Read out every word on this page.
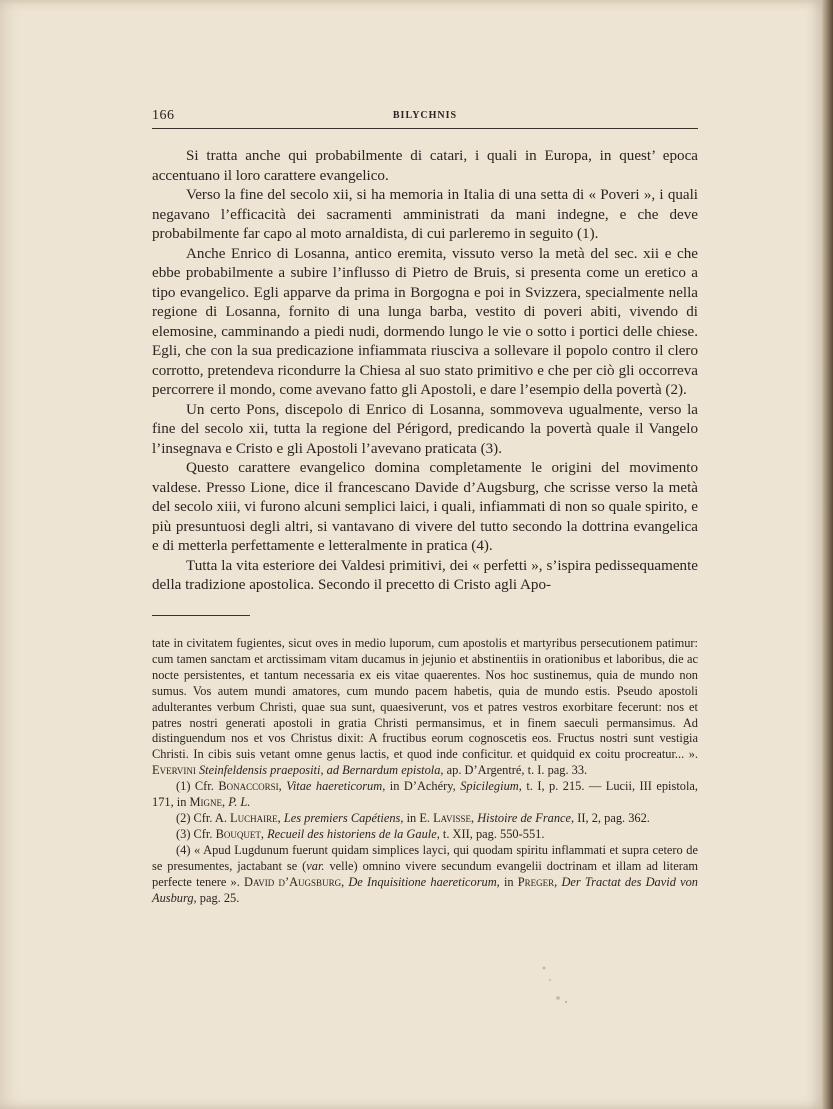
166	BILYCHNIS

Si tratta anche qui probabilmente di catari, i quali in Europa, in quest’ epoca accentuano il loro carattere evangelico.

Verso la fine del secolo xii, si ha memoria in Italia di una setta di « Poveri », i quali negavano l’efficacità dei sacramenti amministrati da mani indegne, e che deve probabilmente far capo al moto arnaldista, di cui parleremo in seguito (1).

Anche Enrico di Losanna, antico eremita, vissuto verso la metà del sec. xii e che ebbe probabilmente a subire l’influsso di Pietro de Bruis, si presenta come un eretico a tipo evangelico. Egli apparve da prima in Borgogna e poi in Svizzera, specialmente nella regione di Losanna, fornito di una lunga barba, vestito di poveri abiti, vivendo di elemosine, camminando a piedi nudi, dormendo lungo le vie o sotto i portici delle chiese. Egli, che con la sua predicazione infiammata riusciva a sollevare il popolo contro il clero corrotto, pretendeva ricondurre la Chiesa al suo stato primitivo e che per ciò gli occorreva percorrere il mondo, come avevano fatto gli Apostoli, e dare l’esempio della povertà (2).

Un certo Pons, discepolo di Enrico di Losanna, sommoveva ugualmente, verso la fine del secolo xii, tutta la regione del Périgord, predicando la povertà quale il Vangelo l’insegnava e Cristo e gli Apostoli l’avevano praticata (3).

Questo carattere evangelico domina completamente le origini del movimento valdese. Presso Lione, dice il francescano Davide d’Augsburg, che scrisse verso la metà del secolo xiii, vi furono alcuni semplici laici, i quali, infiammati di non so quale spirito, e più presuntuosi degli altri, si vantavano di vivere del tutto secondo la dottrina evangelica e di metterla perfettamente e letteralmente in pratica (4).

Tutta la vita esteriore dei Valdesi primitivi, dei « perfetti », s’ispira pedissequamente della tradizione apostolica. Secondo il precetto di Cristo agli Apo-

tate in civitatem fugientes, sicut oves in medio luporum, cum apostolis et martyribus persecutionem patimur: cum tamen sanctam et arctissimam vitam ducamus in jejunio et abstinentiis in orationibus et laboribus, die ac nocte persistentes, et tantum necessaria ex eis vitae quaerentes. Nos hoc sustinemus, quia de mundo non sumus. Vos autem mundi amatores, cum mundo pacem habetis, quia de mundo estis. Pseudo apostoli adulterantes verbum Christi, quae sua sunt, quaesiverunt, vos et patres vestros exorbitare fecerunt: nos et patres nostri generati apostoli in gratia Christi permansimus, et in finem saeculi permansimus. Ad distinguendum nos et vos Christus dixit: A fructibus eorum cognoscetis eos. Fructus nostri sunt vestigia Christi. In cibis suis vetant omne genus lactis, et quod inde conficitur. et quidquid ex coitu procreatur... ». Evervini Steinfeldensis praepositi, ad Bernardum epistola, ap. D’Argentré, t. I. pag. 33.

(1) Cfr. Bonaccorsi, Vitae haereticorum, in D’Achéry, Spicilegium, t. I, p. 215. — Lucii, III epistola, 171, in Migne, P. L.

(2) Cfr. A. Luchaire, Les premiers Capétiens, in E. Lavisse, Histoire de France, II, 2, pag. 362.

(3) Cfr. Bouquet, Recueil des historiens de la Gaule, t. XII, pag. 550-551.

(4) « Apud Lugdunum fuerunt quidam simplices layci, qui quodam spiritu inflammati et supra cetero de se presumentes, jactabant se (var. velle) omnino vivere secundum evangelii doctrinam et illam ad literam perfecte tenere ». David d’Augsburg, De Inquisitione haereticorum, in Preger, Der Tractat des David von Ausburg, pag. 25.
